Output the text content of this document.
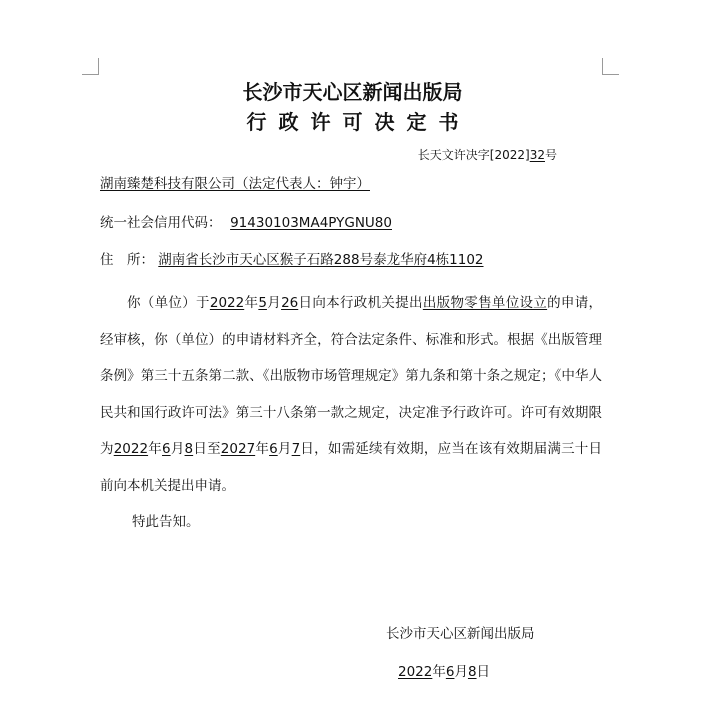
长沙市天心区新闻出版局
行政许可决定书
长天文许决字[2022]32号
湖南臻楚科技有限公司（法定代表人：钟宇）
统一社会信用代码： 91430103MA4PYGNU80
住　所： 湖南省长沙市天心区猴子石路288号泰龙华府4栋1102
你（单位）于2022年5月26日向本行政机关提出出版物零售单位设立的申请，经审核，你（单位）的申请材料齐全，符合法定条件、标准和形式。根据《出版管理条例》第三十五条第二款、《出版物市场管理规定》第九条和第十条之规定；《中华人民共和国行政许可法》第三十八条第一款之规定，决定准予行政许可。许可有效期限为2022年6月8日至2027年6月7日，如需延续有效期，应当在该有效期届满三十日前向本机关提出申请。
特此告知。
长沙市天心区新闻出版局
2022年6月8日
